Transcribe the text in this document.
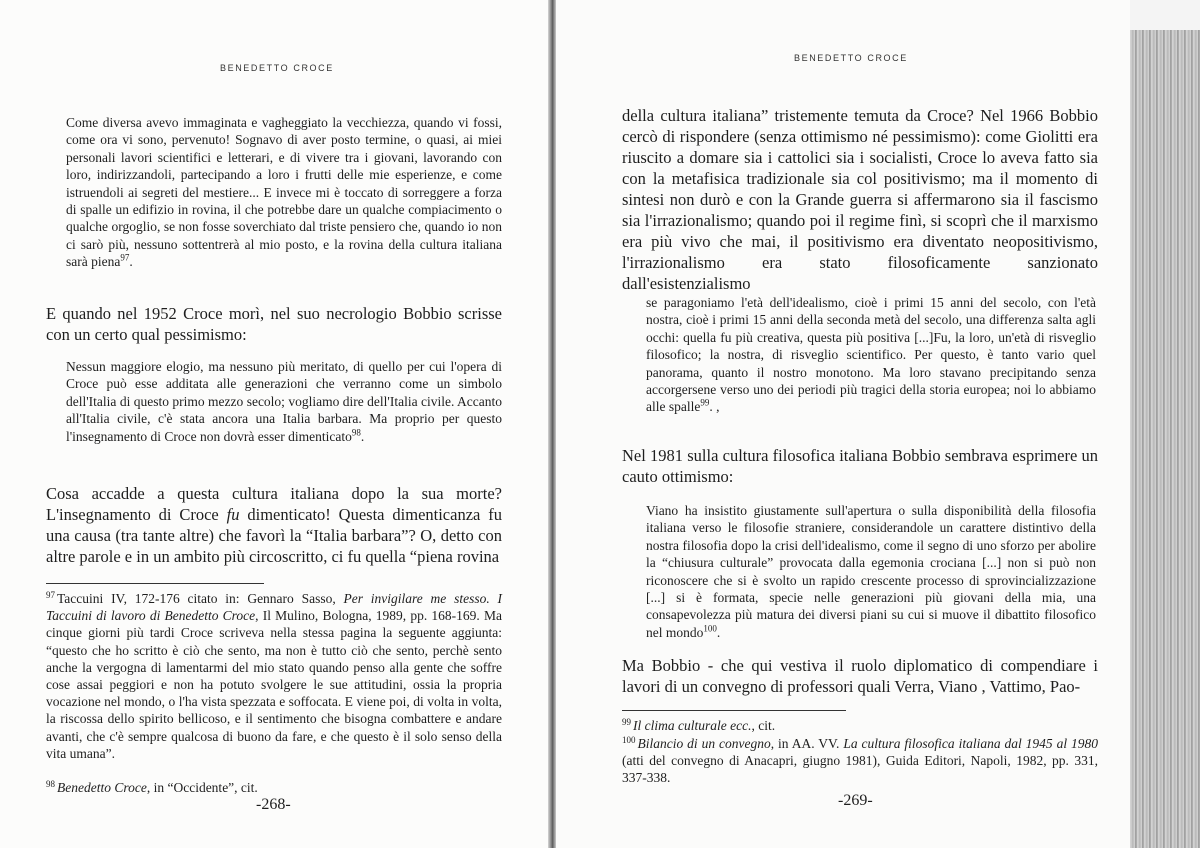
BENEDETTO CROCE

Come diversa avevo immaginata e vagheggiato la vecchiezza, quando vi fossi, come ora vi sono, pervenuto! Sognavo di aver posto termine, o quasi, ai miei personali lavori scientifici e letterari, e di vivere tra i giovani, lavorando con loro, indirizzandoli, partecipando a loro i frutti delle mie esperienze, e come istruendoli ai segreti del mestiere... E invece mi è toccato di sorreggere a forza di spalle un edifizio in rovina, il che potrebbe dare un qualche compiacimento o qualche orgoglio, se non fosse soverchiato dal triste pensiero che, quando io non ci sarò più, nessuno sottentrerà al mio posto, e la rovina della cultura italiana sarà piena$^{97}$.

E quando nel 1952 Croce morì, nel suo necrologio Bobbio scrisse con un certo qual pessimismo:

Nessun maggiore elogio, ma nessuno più meritato, di quello per cui l'opera di Croce può esse additata alle generazioni che verranno come un simbolo dell'Italia di questo primo mezzo secolo; vogliamo dire dell'Italia civile. Accanto all'Italia civile, c'è stata ancora una Italia barbara. Ma proprio per questo l'insegnamento di Croce non dovrà esser dimenticato$^{98}$.

Cosa accadde a questa cultura italiana dopo la sua morte? L'insegnamento di Croce fu dimenticato! Questa dimenticanza fu una causa (tra tante altre) che favorì la “Italia barbara”? O, detto con altre parole e in un ambito più circoscritto, ci fu quella “piena rovina

$^{97}$ Taccuini IV, 172-176 citato in: Gennaro Sasso, Per invigilare me stesso. I Taccuini di lavoro di Benedetto Croce, Il Mulino, Bologna, 1989, pp. 168-169. Ma cinque giorni più tardi Croce scriveva nella stessa pagina la seguente aggiunta: “questo che ho scritto è ciò che sento, ma non è tutto ciò che sento, perchè sento anche la vergogna di lamentarmi del mio stato quando penso alla gente che soffre cose assai peggiori e non ha potuto svolgere le sue attitudini, ossia la propria vocazione nel mondo, o l'ha vista spezzata e soffocata. E viene poi, di volta in volta, la riscossa dello spirito bellicoso, e il sentimento che bisogna combattere e andare avanti, che c'è sempre qualcosa di buono da fare, e che questo è il solo senso della vita umana”.

$^{98}$ Benedetto Croce, in “Occidente”, cit.

-268-
BENEDETTO CROCE

della cultura italiana” tristemente temuta da Croce? Nel 1966 Bobbio cercò di rispondere (senza ottimismo né pessimismo): come Giolitti era riuscito a domare sia i cattolici sia i socialisti, Croce lo aveva fatto sia con la metafisica tradizionale sia col positivismo; ma il momento di sintesi non durò e con la Grande guerra si affermarono sia il fascismo sia l'irrazionalismo; quando poi il regime finì, si scoprì che il marxismo era più vivo che mai, il positivismo era diventato neopositivismo, l'irrazionalismo era stato filosoficamente sanzionato dall'esistenzialismo

se paragoniamo l'età dell'idealismo, cioè i primi 15 anni del secolo, con l'età nostra, cioè i primi 15 anni della seconda metà del secolo, una differenza salta agli occhi: quella fu più creativa, questa più positiva [...]Fu, la loro, un'età di risveglio filosofico; la nostra, di risveglio scientifico. Per questo, è tanto vario quel panorama, quanto il nostro monotono. Ma loro stavano precipitando senza accorgersene verso uno dei periodi più tragici della storia europea; noi lo abbiamo alle spalle$^{99}$. ,

Nel 1981 sulla cultura filosofica italiana Bobbio sembrava esprimere un cauto ottimismo:

Viano ha insistito giustamente sull'apertura o sulla disponibilità della filosofia italiana verso le filosofie straniere, considerandole un carattere distintivo della nostra filosofia dopo la crisi dell'idealismo, come il segno di uno sforzo per abolire la “chiusura culturale” provocata dalla egemonia crociana [...] non si può non riconoscere che si è svolto un rapido crescente processo di sprovincializzazione [...] si è formata, specie nelle generazioni più giovani della mia, una consapevolezza più matura dei diversi piani su cui si muove il dibattito filosofico nel mondo$^{100}$.

Ma Bobbio - che qui vestiva il ruolo diplomatico di compendiare i lavori di un convegno di professori quali Verra, Viano , Vattimo, Pao-

$^{99}$ Il clima culturale ecc., cit.

$^{100}$ Bilancio di un convegno, in AA. VV. La cultura filosofica italiana dal 1945 al 1980 (atti del convegno di Anacapri, giugno 1981), Guida Editori, Napoli, 1982, pp. 331, 337-338.

-269-
